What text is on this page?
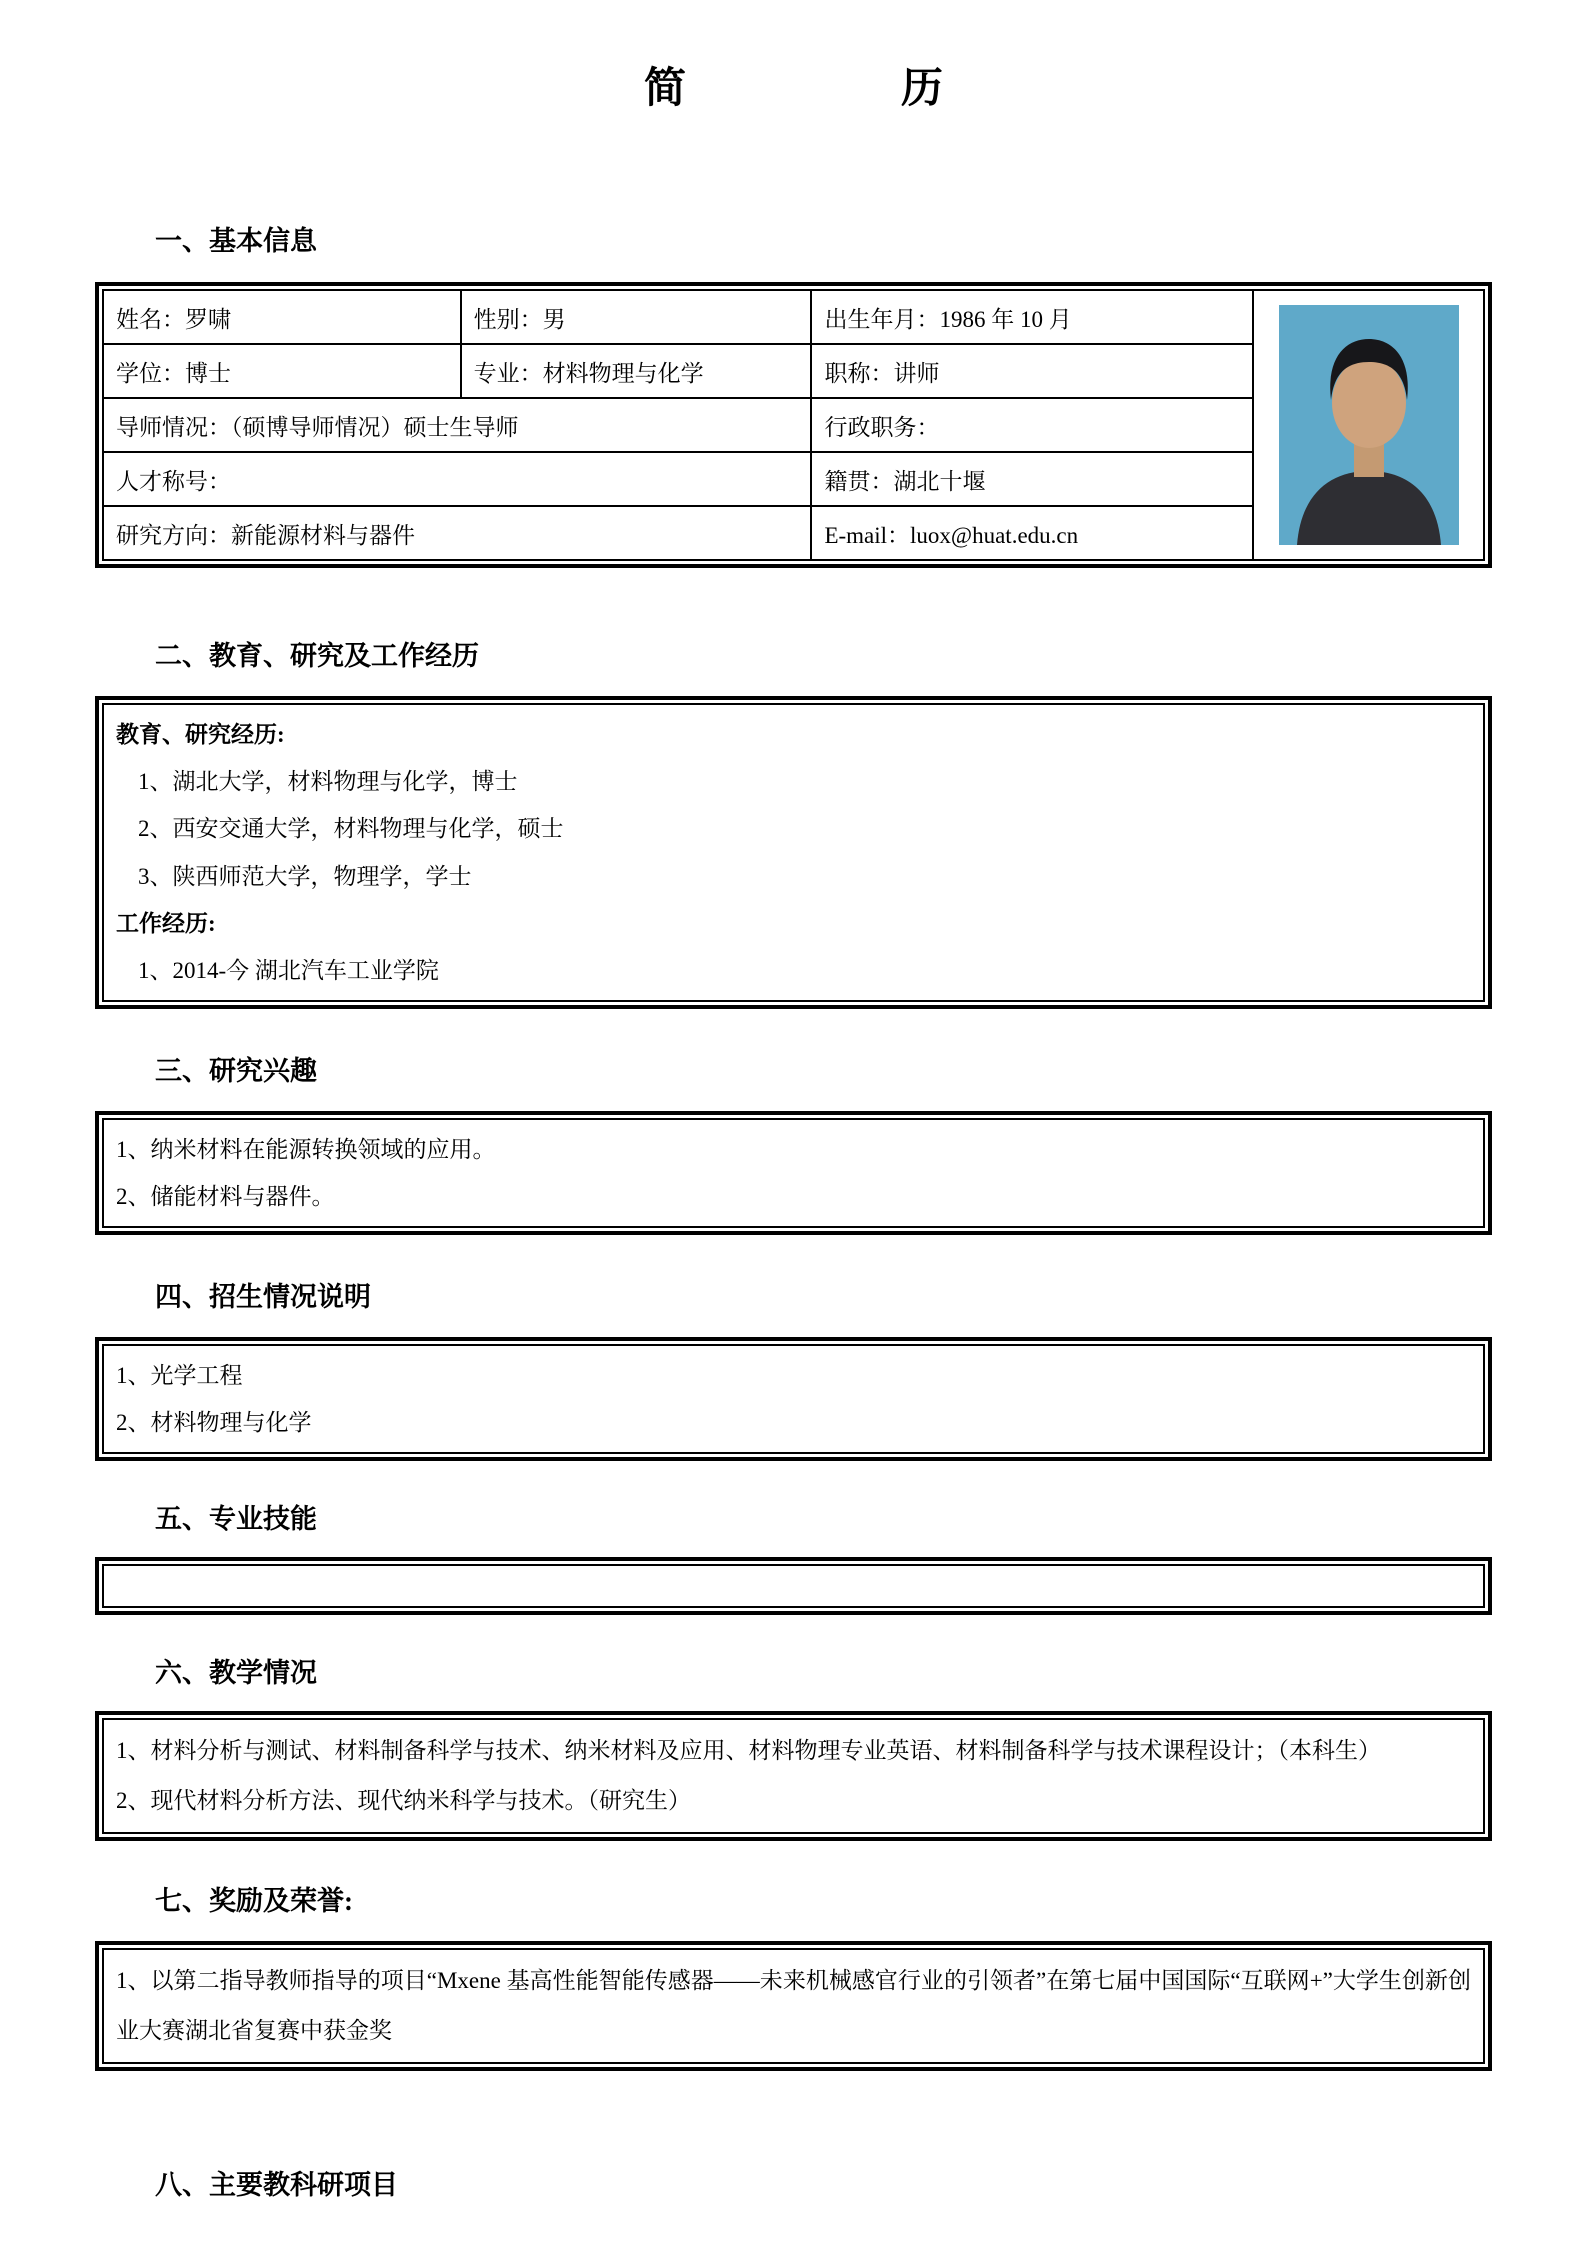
简	历
一、基本信息
姓名：罗啸	性别：男	出生年月：1986 年 10 月	

学位：博士	专业：材料物理与化学	职称：讲师	
导师情况：（硕博导师情况）硕士生导师		行政职务：	
人才称号：		籍贯：湖北十堰	
研究方向：新能源材料与器件		E-mail：luox@huat.edu.cn	
二、教育、研究及工作经历

教育、研究经历:

1、湖北大学，材料物理与化学，博士

2、西安交通大学，材料物理与化学，硕士

3、陕西师范大学，物理学，学士

工作经历:

1、2014-今 湖北汽车工业学院

三、研究兴趣

1、纳米材料在能源转换领域的应用。

2、储能材料与器件。

四、招生情况说明

1、光学工程

2、材料物理与化学

五、专业技能
六、教学情况

1、材料分析与测试、材料制备科学与技术、纳米材料及应用、材料物理专业英语、材料制备科学与技术课程设计；（本科生）

2、现代材料分析方法、现代纳米科学与技术。（研究生）

七、奖励及荣誉:

1、以第二指导教师指导的项目“Mxene 基高性能智能传感器——未来机械感官行业的引领者”在第七届中国国际“互联网+”大学生创新创业大赛湖北省复赛中获金奖

八、主要教科研项目
